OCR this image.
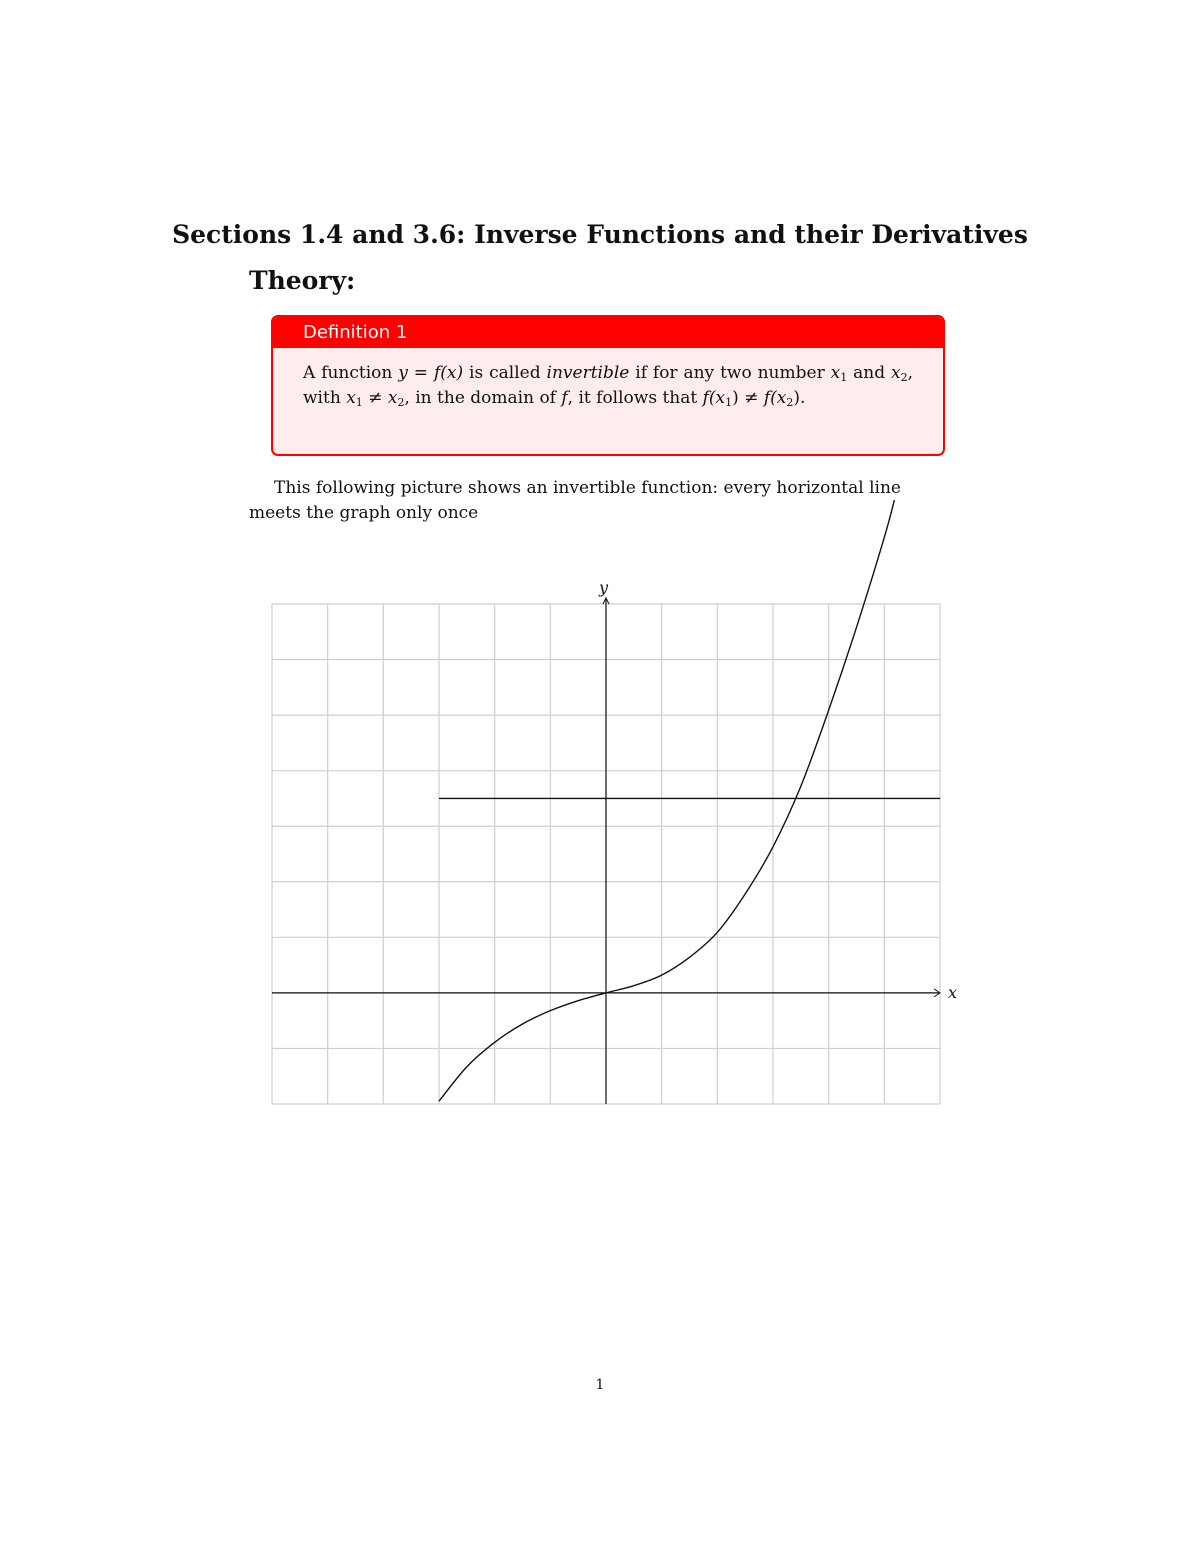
Sections 1.4 and 3.6: Inverse Functions and their Derivatives
Theory:
Definition 1
A function y = f(x) is called invertible if for any two number $x_1$ and $x_2$, with $x_1 \ne x_2$, in the domain of f, it follows that $f(x_1) \ne f(x_2)$.
This following picture shows an invertible function: every horizontal line
meets the graph only once
x
y
1
